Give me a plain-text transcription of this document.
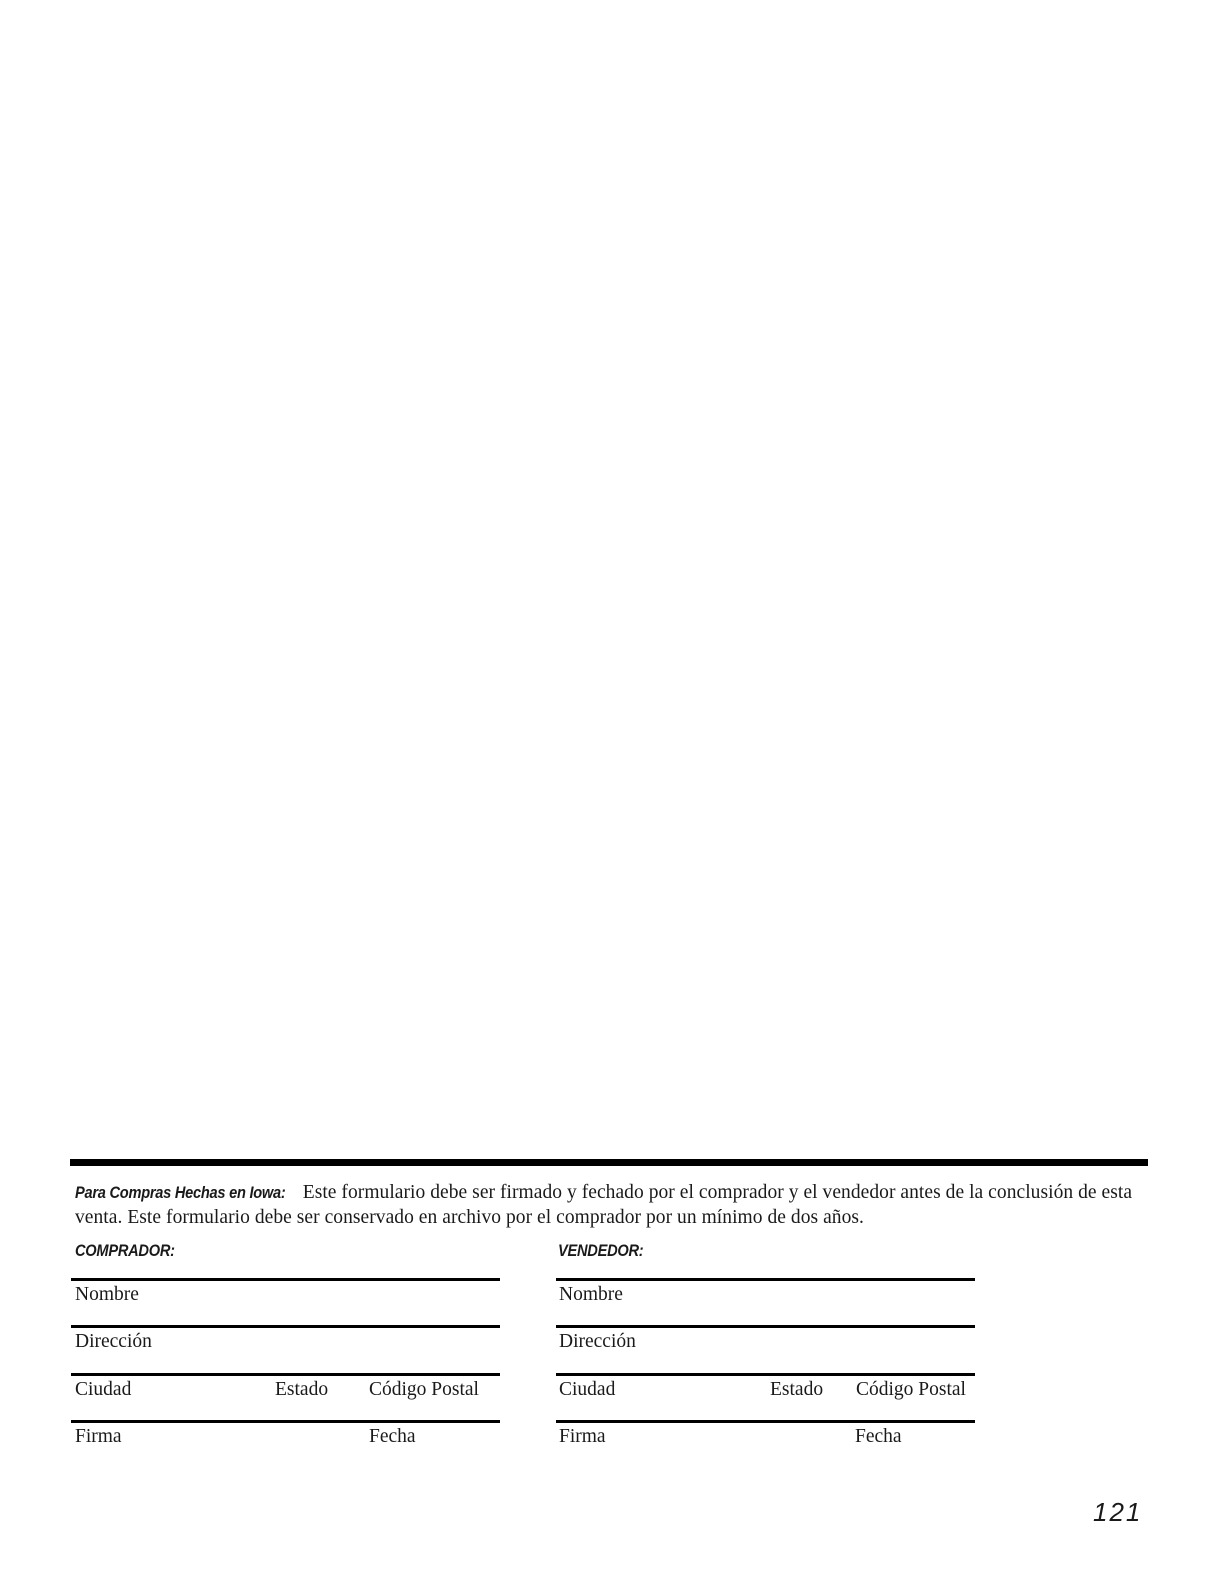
Para Compras Hechas en Iowa: Este formulario debe ser firmado y fechado por el comprador y el vendedor antes de la conclusión de esta venta. Este formulario debe ser conservado en archivo por el comprador por un mínimo de dos años.

COMPRADOR:	VENDEDOR:
Nombre
Dirección
Ciudad	Estado Código Postal
Firma	Fecha
Nombre
Dirección
Ciudad	Estado Código Postal
Firma	Fecha
121
